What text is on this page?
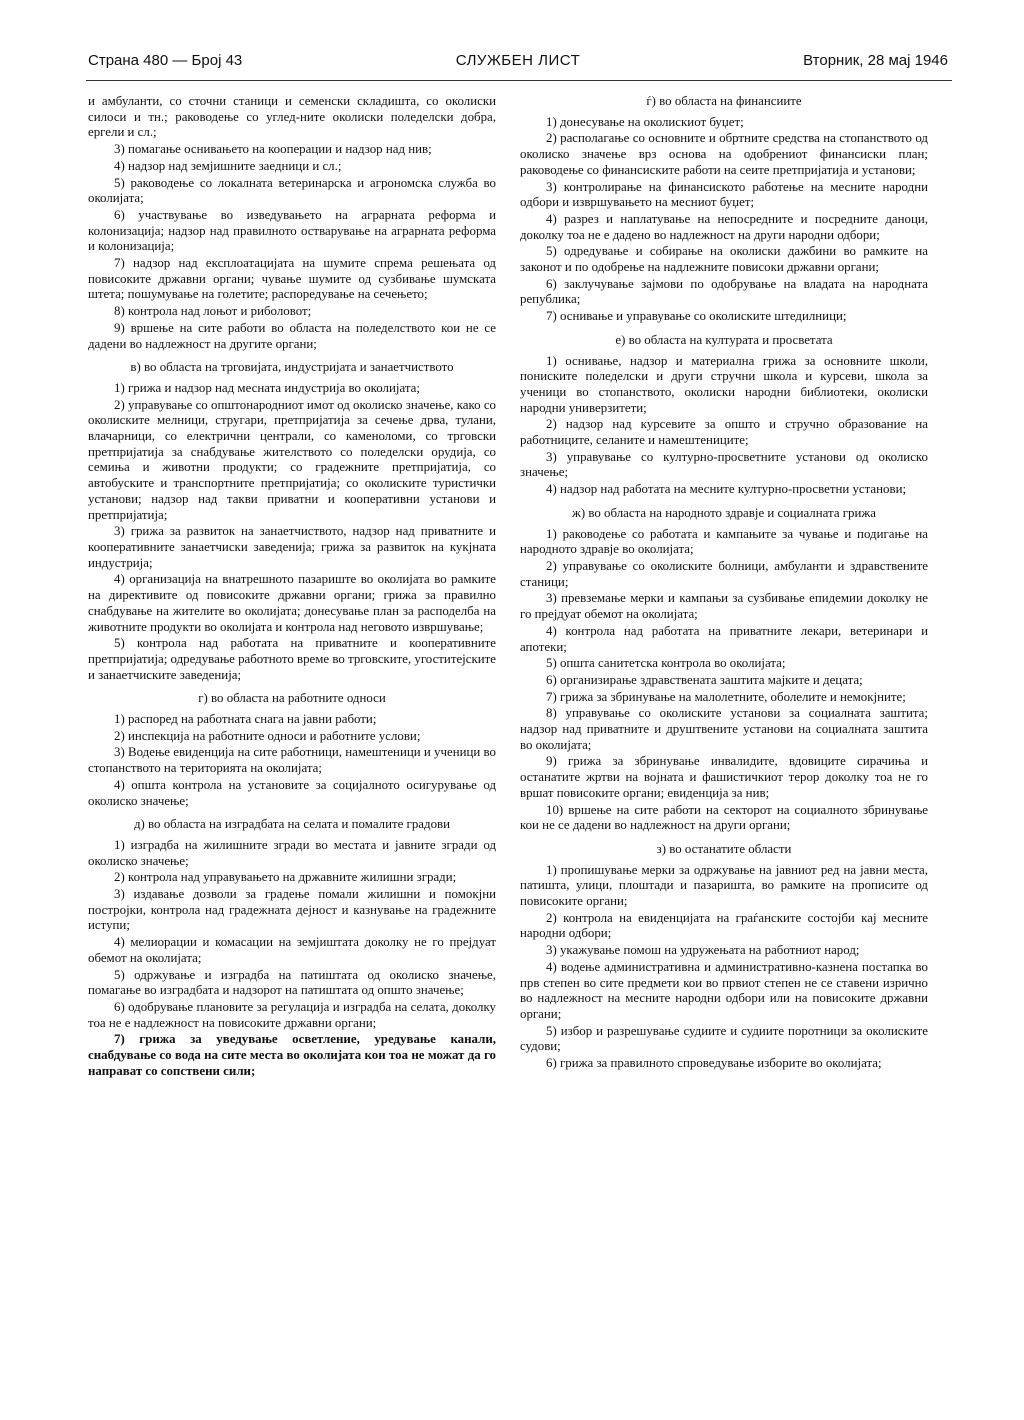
Страна 480 — Број 43	СЛУЖБЕН ЛИСТ	Вторник, 28 мај 1946

и амбуланти, со сточни станици и семенски складишта, со околиски силоси и тн.; раководење со углед-ните околиски поледелски добра, ергели и сл.;

3) помагање оснивањето на кооперации и надзор над нив;

4) надзор над земјишните заедници и сл.;

5) раководење со локалната ветеринарска и агрономска служба во околијата;

6) участвување во изведувањето на аграрната реформа и колонизација; надзор над правилното остварување на аграрната реформа и колонизација;

7) надзор над експлоатацијата на шумите спрема решењата од повисоките државни органи; чување шумите од сузбивање шумската штета; пошумување на голетите; распоредување на сечењето;

8) контрола над лоњот и риболовот;

9) вршење на сите работи во областа на поледелството кои не се дадени во надлежност на другите органи;

в) во областа на трговијата, индустријата и занаетчиството

1) грижа и надзор над месната индустрија во околијата;

2) управување со општонародниот имот од околиско значење, како со околиските мелници, стругари, претпријатија за сечење дрва, тулани, влачарници, со електрични централи, со каменоломи, со трговски претпријатија за снабдување жителството со поледелски орудија, со семиња и животни продукти; со градежните претпријатија, со автобуските и транспортните претпријатија; со околиските туристички установи; надзор над такви приватни и кооперативни установи и претпријатија;

3) грижа за развиток на занаетчиството, надзор над приватните и кооперативните занаетчиски заведенија; грижа за развиток на кукјната индустрија;

4) организација на внатрешното пазариште во околијата во рамките на директивите од повисоките државни органи; грижа за правилно снабдување на жителите во околијата; донесување план за расподелба на животните продукти во околијата и контрола над неговото извршување;

5) контрола над работата на приватните и кооперативните претпријатија; одредување работното време во трговските, угоститејските и занаетчиските заведенија;

г) во областа на работните односи

1) распоред на работната снага на јавни работи;

2) инспекција на работните односи и работните услови;

3) Водење евиденција на сите работници, намештеници и ученици во стопанството на територията на околијата;

4) општа контрола на установите за социјалното осигурување од околиско значење;

д) во областа на изградбата на селата и помалите градови

1) изградба на жилишните згради во местата и јавните згради од околиско значење;

2) контрола над управувањето на државните жилишни згради;

3) издавање дозволи за градење помали жилишни и помокјни постројки, контрола над градежната дејност и казнување на градежните иступи;

4) мелиорации и комасации на земјиштата доколку не го преjдуат обемот на околијата;

5) одржување и изградба на патиштата од околиско значење, помагање во изградбата и надзорот на патиштата од општо значење;

6) одобрување плановите за регулација и изградба на селата, доколку тоа не е надлежност на повисоките државни органи;

7) грижа за уведување осветление, уредување канали, снабдување со вода на сите места во околијата кои тоа не можат да го направат со сопствени сили;

ѓ) во областа на финансиите

1) донесување на околискиот буџет;

2) располагање со основните и обртните средства на стопанството од околиско значење врз основа на одобрениот финансиски план; раководење со финансиските работи на сеите претпријатија и установи;

3) контролирање на финансиското работење на месните народни одбори и извршувањето на месниот буџет;

4) разрез и наплатување на непосредните и посредните даноци, доколку тоа не е дадено во надлежност на други народни одбори;

5) одредување и собирање на околиски дажбини во рамките на законот и по одобрење на надлежните повисоки државни органи;

6) заклучување заjмови по одобрување на владата на народната република;

7) оснивање и управување со околиските штедилници;

е) во областа на културата и просветата

1) оснивање, надзор и материална грижа за основните школи, пониските поледелски и други стручни школа и курсеви, школа за ученици во стопанството, околиски народни библиотеки, околиски народни универзитети;

2) надзор над курсевите за општо и стручно образование на работниците, селаните и намештениците;

3) управување со културно-просветните установи од околиско значење;

4) надзор над работата на месните културно-просветни установи;

ж) во областа на народното здравје и социалната грижа

1) раководење со работата и кампањите за чување и подигање на народното здравје во околијата;

2) управување со околиските болници, амбуланти и здравствените станици;

3) превземање мерки и кампањи за сузбивање епидемии доколку не го преjдуат обемот на околијата;

4) контрола над работата на приватните лекари, ветеринари и апотеки;

5) општа санитетска контрола во околијата;

6) организирање здравствената заштита мајките и децата;

7) грижа за збринување на малолетните, оболелите и немокјните;

8) управување со околиските установи за социалната заштита; надзор над приватните и друштвените установи на социалната заштита во околијата;

9) грижа за збринување инвалидите, вдовиците сирачиња и останатите жртви на војната и фашистичкиот терор доколку тоа не го вршат повисоките органи; евиденција за нив;

10) вршење на сите работи на секторот на социалното збринување кои не се дадени во надлежност на други органи;

з) во останатите области

1) пропишување мерки за одржување на јавниот ред на јавни места, патишта, улици, плоштади и пазаришта, во рамките на прописите од повисоките органи;

2) контрола на евиденцијата на граѓанските состојби кај месните народни одбори;

3) укажување помош на удружењата на работниот народ;

4) водење административна и административно-казнена постапка во прв степен во сите предмети кои во првиот степен не се ставени изрично во надлежност на месните народни одбори или на повисоките државни органи;

5) избор и разрешување судиите и судиите поротници за околиските судови;

6) грижа за правилното спроведување изборите во околијата;
